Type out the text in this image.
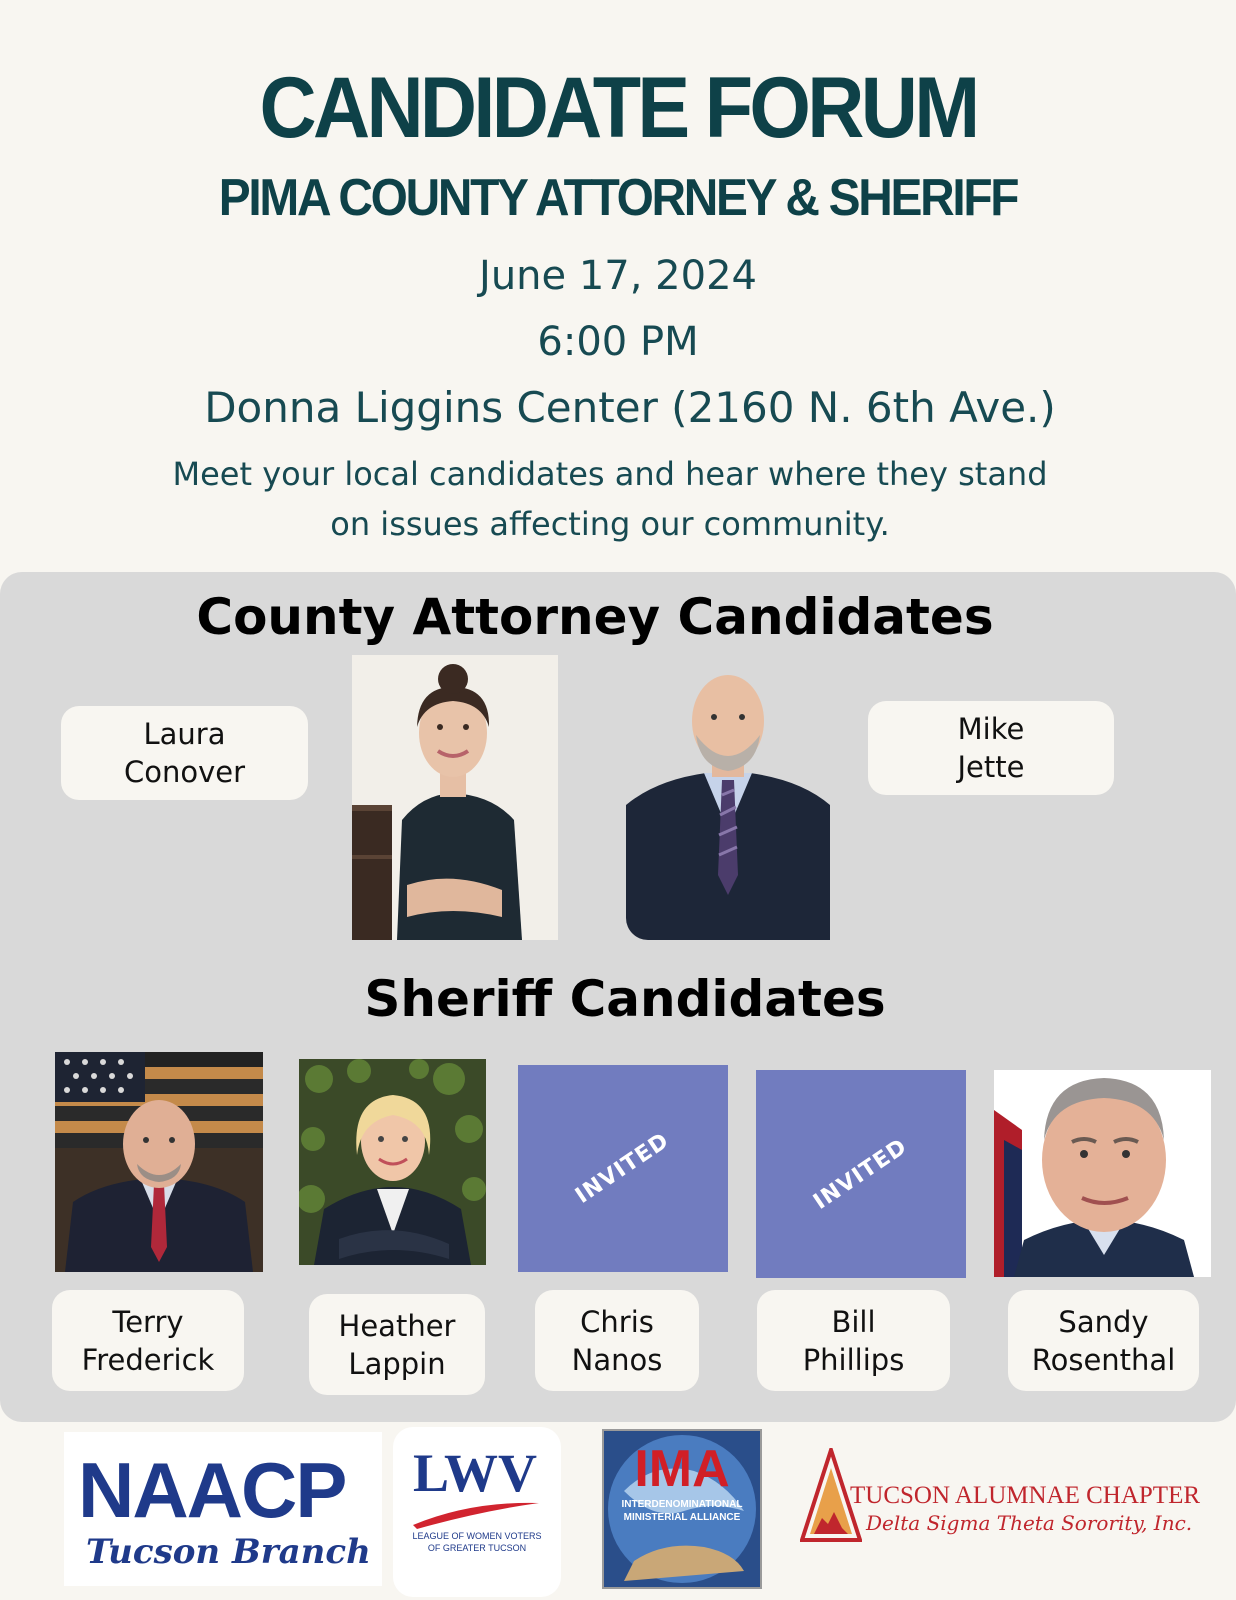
CANDIDATE FORUM
PIMA COUNTY ATTORNEY & SHERIFF
June 17, 2024
6:00 PM
Donna Liggins Center (2160 N. 6th Ave.)
Meet your local candidates and hear where they stand
on issues affecting our community.
County Attorney Candidates
Laura
Conover
Mike
Jette
Sheriff Candidates
INVITED	INVITED
Terry
Frederick
Heather
Lappin
Chris
Nanos
Bill
Phillips
Sandy
Rosenthal
NAACP
Tucson Branch
LWV
LEAGUE OF WOMEN VOTERS
OF GREATER TUCSON
IMA
INTERDENOMINATIONAL
MINISTERIAL ALLIANCE
TUCSON ALUMNAE CHAPTER
Delta Sigma Theta Sorority, Inc.
